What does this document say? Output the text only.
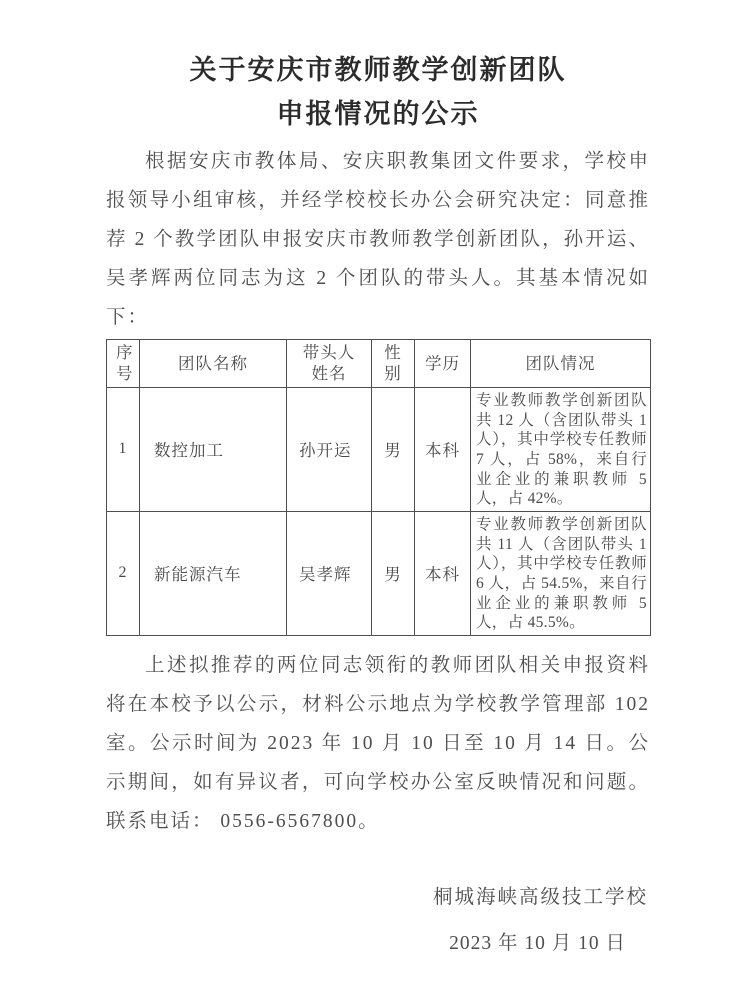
关于安庆市教师教学创新团队
申报情况的公示
根据安庆市教体局、安庆职教集团文件要求，学校申报领导小组审核，并经学校校长办公会研究决定：同意推荐 2 个教学团队申报安庆市教师教学创新团队，孙开运、吴孝辉两位同志为这 2 个团队的带头人。其基本情况如下：
序号	团队名称	带头人姓名	性别	学历	团队情况
1	数控加工	孙开运	男	本科	专业教师教学创新团队共 12 人（含团队带头 1 人），其中学校专任教师 7 人，占 58%，来自行业企业的兼职教师 5 人，占 42%。
2	新能源汽车	吴孝辉	男	本科	专业教师教学创新团队共 11 人（含团队带头 1 人），其中学校专任教师 6 人，占 54.5%，来自行业企业的兼职教师 5 人，占 45.5%。
上述拟推荐的两位同志领衔的教师团队相关申报资料将在本校予以公示，材料公示地点为学校教学管理部 102 室。公示时间为 2023 年 10 月 10 日至 10 月 14 日。公示期间，如有异议者，可向学校办公室反映情况和问题。联系电话： 0556-6567800。
桐城海峡高级技工学校
2023 年 10 月 10 日
